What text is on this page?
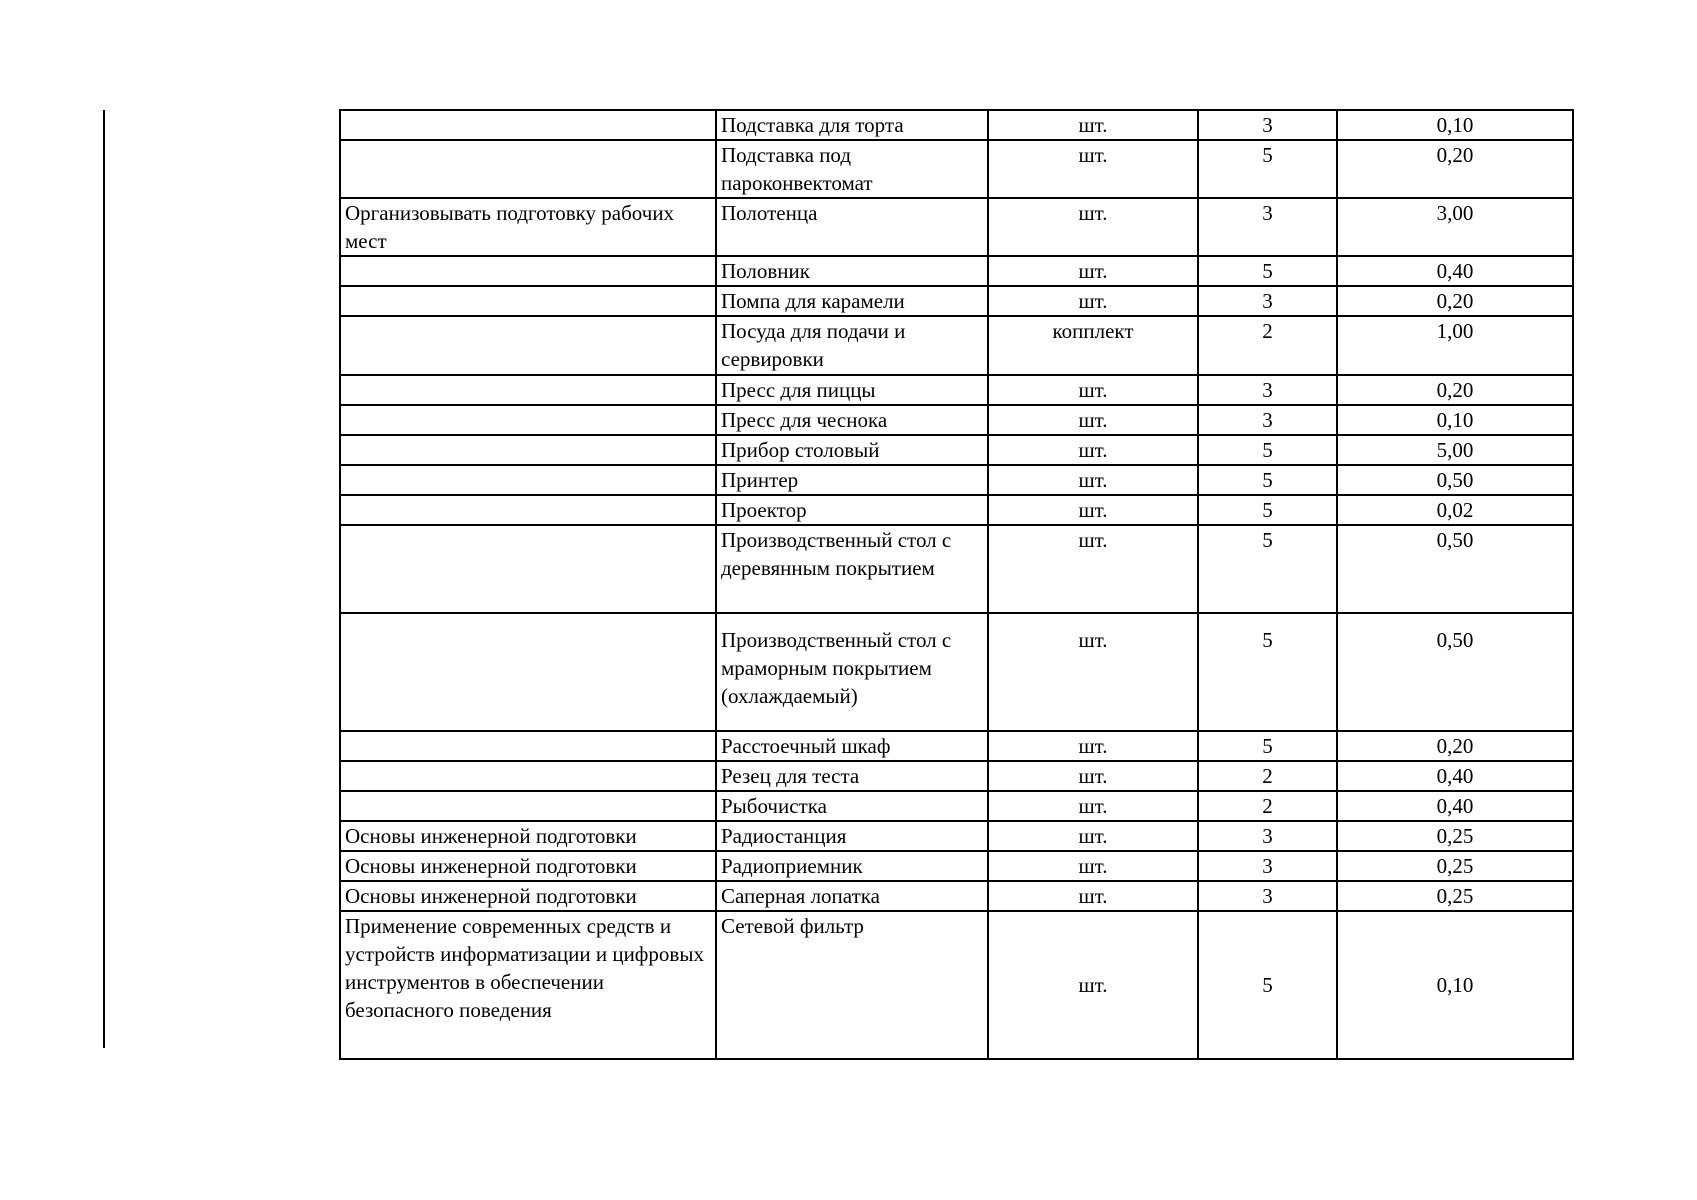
	Подставка для торта	шт.	3	0,10
	Подставка под пароконвектомат	шт.	5	0,20
Организовывать подготовку рабочих мест	Полотенца	шт.	3	3,00
	Половник	шт.	5	0,40
	Помпа для карамели	шт.	3	0,20
	Посуда для подачи и сервировки	копплект	2	1,00
	Пресс для пиццы	шт.	3	0,20
	Пресс для чеснока	шт.	3	0,10
	Прибор столовый	шт.	5	5,00
	Принтер	шт.	5	0,50
	Проектор	шт.	5	0,02
	Производственный стол с деревянным покрытием	шт.	5	0,50
	Производственный стол с мраморным покрытием (охлаждаемый)	шт.	5	0,50
	Расстоечный шкаф	шт.	5	0,20
	Резец для теста	шт.	2	0,40
	Рыбочистка	шт.	2	0,40
Основы инженерной подготовки	Радиостанция	шт.	3	0,25
Основы инженерной подготовки	Радиоприемник	шт.	3	0,25
Основы инженерной подготовки	Саперная лопатка	шт.	3	0,25
Применение современных средств и устройств информатизации и цифровых инструментов в обеспечении безопасного поведения	Сетевой фильтр	шт.	5	0,10
